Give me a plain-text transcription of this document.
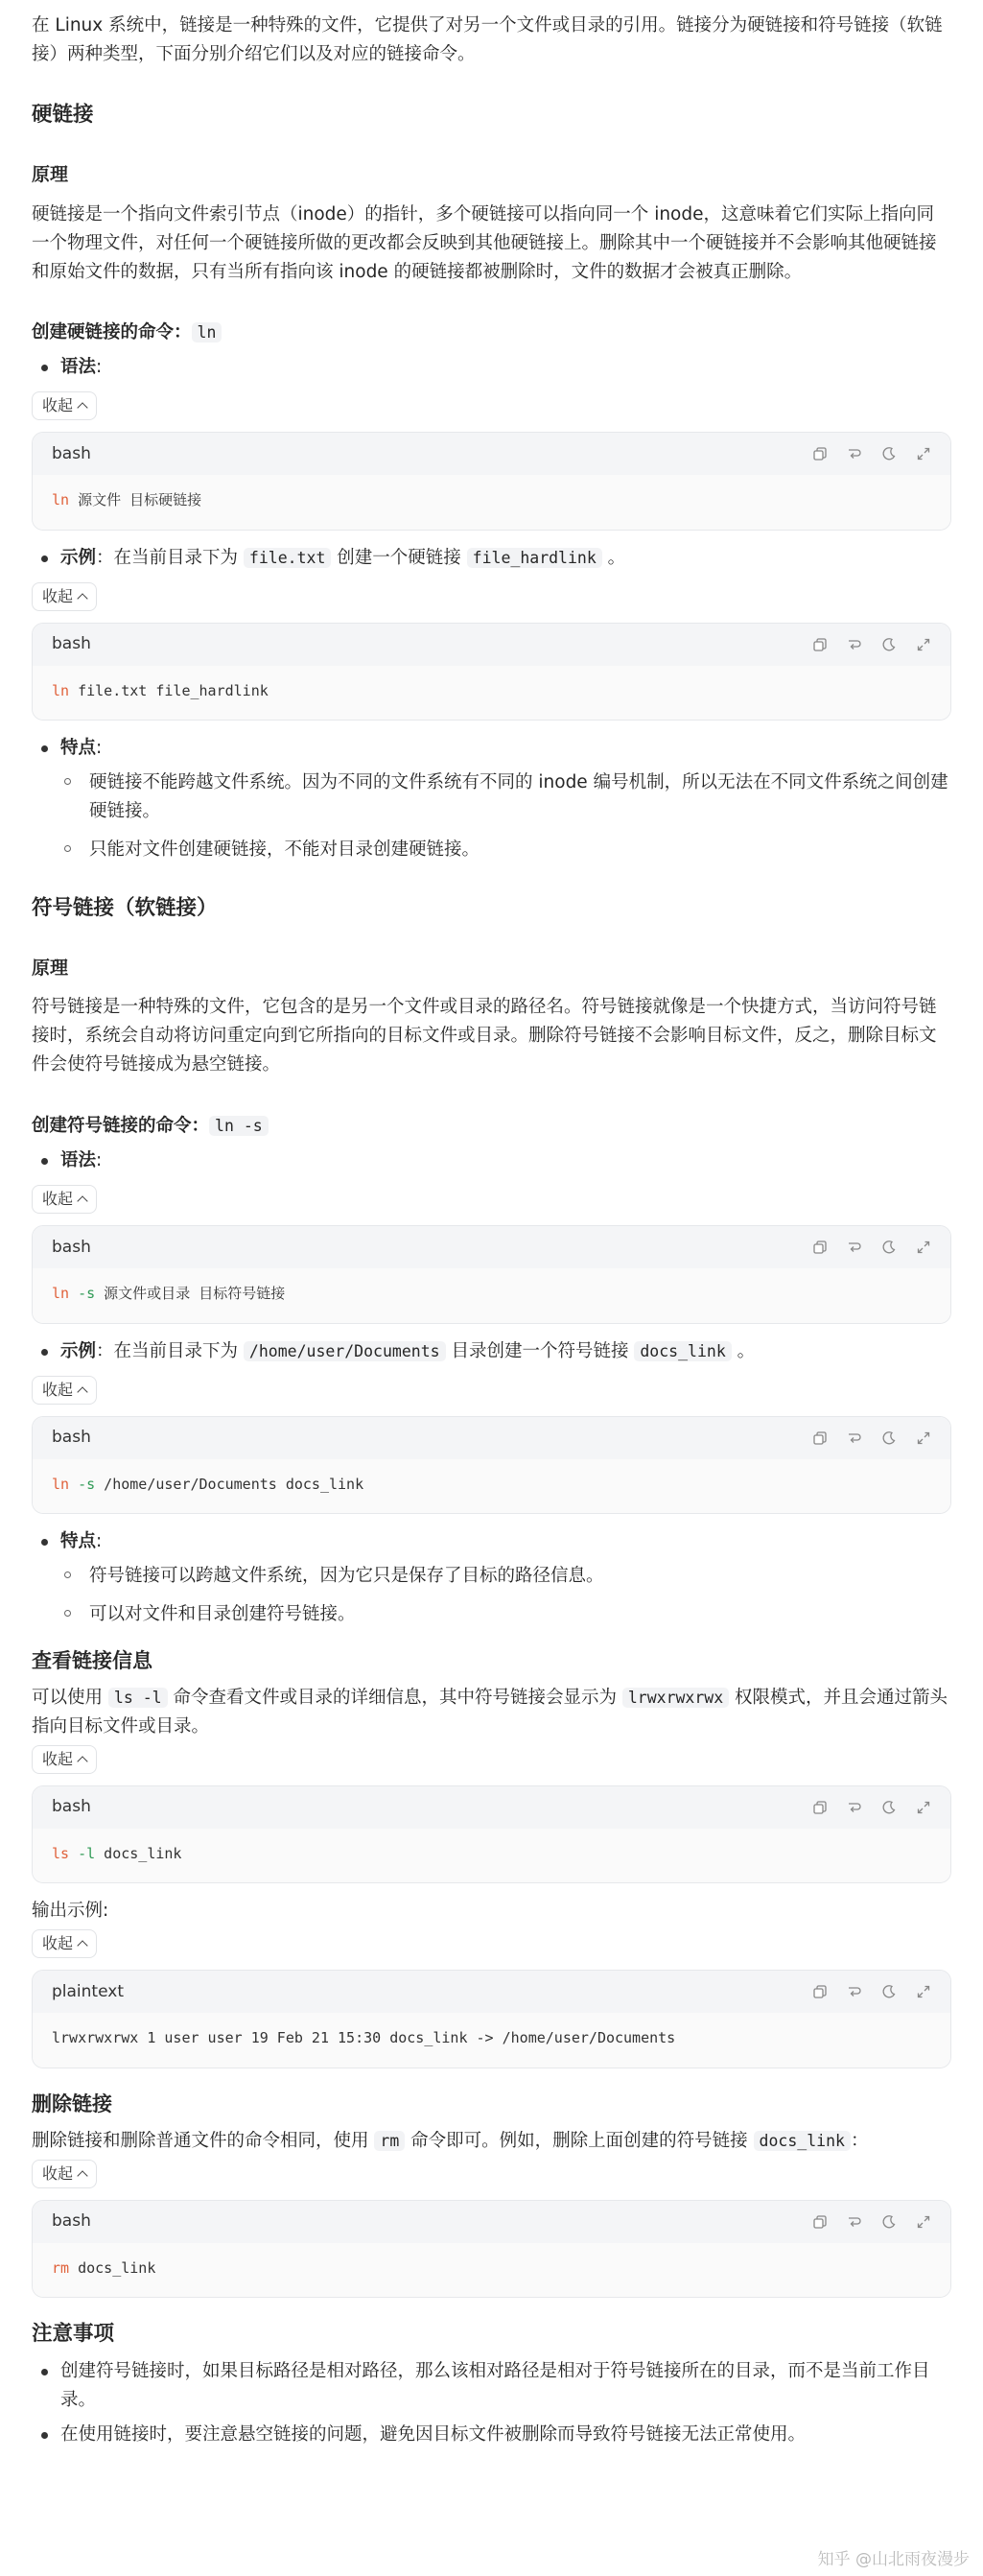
在 Linux 系统中，链接是一种特殊的文件，它提供了对另一个文件或目录的引用。链接分为硬链接和符号链接（软链接）两种类型，下面分别介绍它们以及对应的链接命令。

硬链接
原理

硬链接是一个指向文件索引节点（inode）的指针，多个硬链接可以指向同一个 inode，这意味着它们实际上指向同一个物理文件，对任何一个硬链接所做的更改都会反映到其他硬链接上。删除其中一个硬链接并不会影响其他硬链接和原始文件的数据，只有当所有指向该 inode 的硬链接都被删除时，文件的数据才会被真正删除。

创建硬链接的命令： ln

语法:
收起
bash
ln 源文件 目标硬链接
示例：在当前目录下为 file.txt 创建一个硬链接 file_hardlink 。
收起
bash
ln file.txt file_hardlink
特点:
硬链接不能跨越文件系统。因为不同的文件系统有不同的 inode 编号机制，所以无法在不同文件系统之间创建硬链接。
只能对文件创建硬链接，不能对目录创建硬链接。
符号链接（软链接）
原理

符号链接是一种特殊的文件，它包含的是另一个文件或目录的路径名。符号链接就像是一个快捷方式，当访问符号链接时，系统会自动将访问重定向到它所指向的目标文件或目录。删除符号链接不会影响目标文件，反之，删除目标文件会使符号链接成为悬空链接。

创建符号链接的命令： ln -s

语法:
收起
bash
ln -s 源文件或目录 目标符号链接
示例：在当前目录下为 /home/user/Documents 目录创建一个符号链接 docs_link 。
收起
bash
ln -s /home/user/Documents docs_link
特点:
符号链接可以跨越文件系统，因为它只是保存了目标的路径信息。
可以对文件和目录创建符号链接。
查看链接信息

可以使用 ls -l 命令查看文件或目录的详细信息，其中符号链接会显示为 lrwxrwxrwx 权限模式，并且会通过箭头指向目标文件或目录。

收起
bash
ls -l docs_link

输出示例:

收起
plaintext
lrwxrwxrwx 1 user user 19 Feb 21 15:30 docs_link -> /home/user/Documents
删除链接

删除链接和删除普通文件的命令相同，使用 rm 命令即可。例如，删除上面创建的符号链接 docs_link ：

收起
bash
rm docs_link
注意事项
创建符号链接时，如果目标路径是相对路径，那么该相对路径是相对于符号链接所在的目录，而不是当前工作目录。
在使用链接时，要注意悬空链接的问题，避免因目标文件被删除而导致符号链接无法正常使用。
知乎 @山北雨夜漫步
